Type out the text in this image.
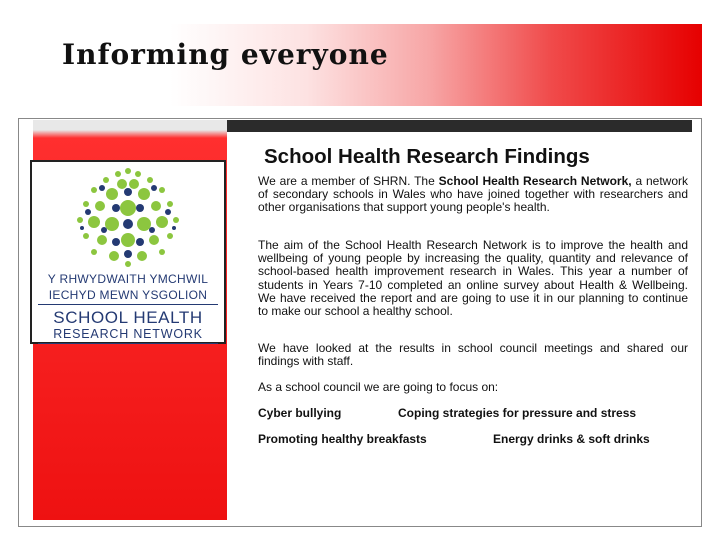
Informing everyone
Y RHWYDWAITH YMCHWIL
IECHYD MEWN YSGOLION
SCHOOL HEALTH
RESEARCH NETWORK
School Health Research Findings

We are a member of SHRN. The School Health Research Network, a network of secondary schools in Wales who have joined together with researchers and other organisations that support young people's health.

The aim of the School Health Research Network is to improve the health and wellbeing of young people by increasing the quality, quantity and relevance of school-based health improvement research in Wales. This year a number of students in Years 7-10 completed an online survey about Health & Wellbeing. We have received the report and are going to use it in our planning to continue to make our school a healthy school.

We have looked at the results in school council meetings and shared our findings with staff.

As a school council we are going to focus on:

Cyber bullying	Coping strategies for pressure and stress
Promoting healthy breakfasts	Energy drinks & soft drinks
